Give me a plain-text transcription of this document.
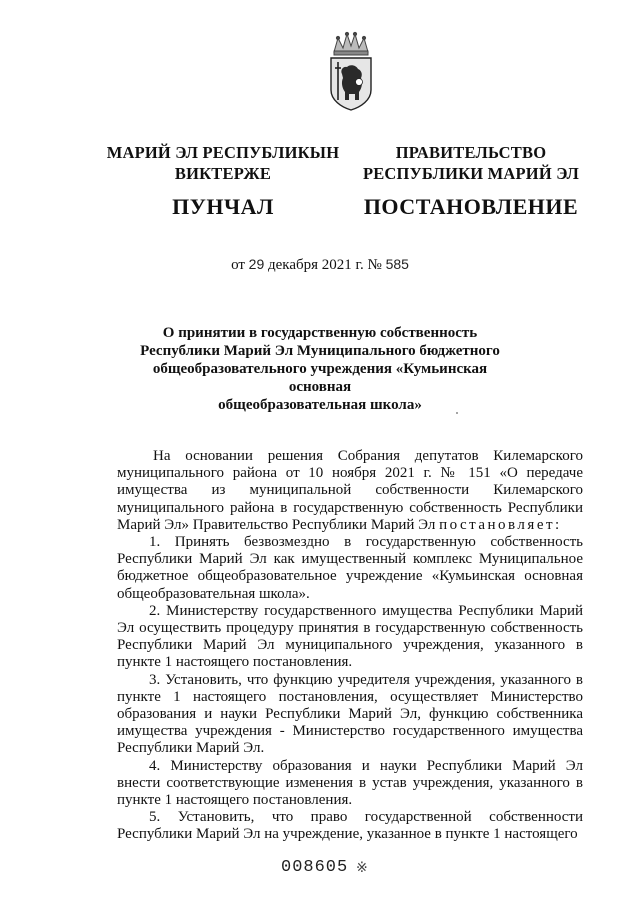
МАРИЙ ЭЛ РЕСПУБЛИКЫН
ВИКТЕРЖЕ
ПУНЧАЛ
ПРАВИТЕЛЬСТВО
РЕСПУБЛИКИ МАРИЙ ЭЛ
ПОСТАНОВЛЕНИЕ
от 29 декабря 2021 г. № 585
О принятии в государственную собственность
Республики Марий Эл Муниципального бюджетного
общеобразовательного учреждения «Кумьинская основная
общеобразовательная школа»

На основании решения Собрания депутатов Килемарского муниципального района от 10 ноября 2021 г. № 151 «О передаче имущества из муниципальной собственности Килемарского муниципального района в государственную собственность Республики Марий Эл» Правительство Республики Марий Эл постановляет:

1. Принять безвозмездно в государственную собственность Республики Марий Эл как имущественный комплекс Муниципальное бюджетное общеобразовательное учреждение «Кумьинская основная общеобразовательная школа».

2. Министерству государственного имущества Республики Марий Эл осуществить процедуру принятия в государственную собственность Республики Марий Эл муниципального учреждения, указанного в пункте 1 настоящего постановления.

3. Установить, что функцию учредителя учреждения, указанного в пункте 1 настоящего постановления, осуществляет Министерство образования и науки Республики Марий Эл, функцию собственника имущества учреждения - Министерство государственного имущества Республики Марий Эл.

4. Министерству образования и науки Республики Марий Эл внести соответствующие изменения в устав учреждения, указанного в пункте 1 настоящего постановления.

5. Установить, что право государственной собственности Республики Марий Эл на учреждение, указанное в пункте 1 настоящего

008605 ※
